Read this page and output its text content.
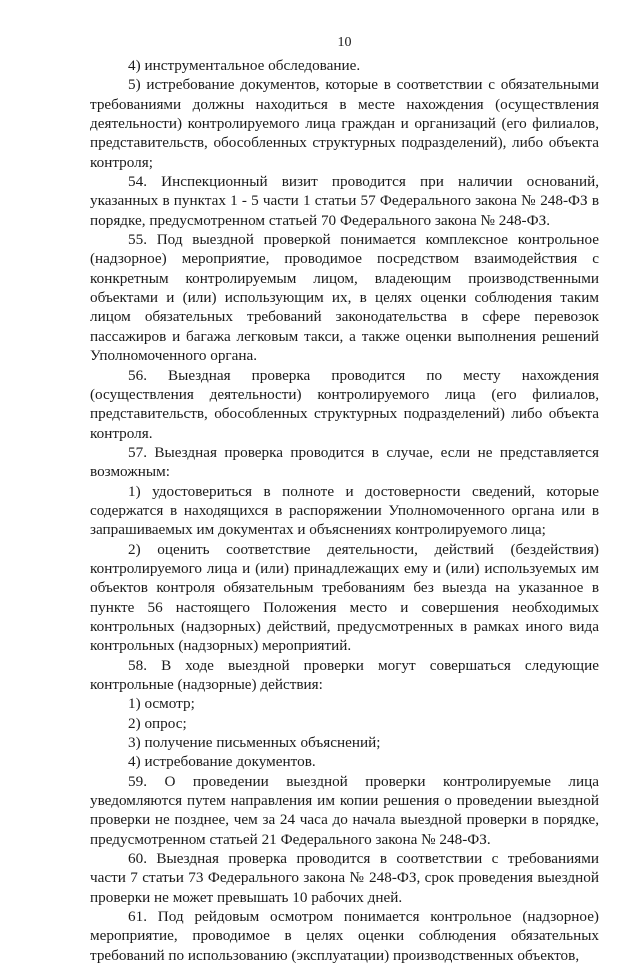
10

4) инструментальное обследование.

5) истребование документов, которые в соответствии с обязательными требованиями должны находиться в месте нахождения (осуществления деятельности) контролируемого лица граждан и организаций (его филиалов, представительств, обособленных структурных подразделений), либо объекта контроля;

54. Инспекционный визит проводится при наличии оснований, указанных в пунктах 1 - 5 части 1 статьи 57 Федерального закона № 248-ФЗ в порядке, предусмотренном статьей 70 Федерального закона № 248-ФЗ.

55. Под выездной проверкой понимается комплексное контрольное (надзорное) мероприятие, проводимое посредством взаимодействия с конкретным контролируемым лицом, владеющим производственными объектами и (или) использующим их, в целях оценки соблюдения таким лицом обязательных требований законодательства в сфере перевозок пассажиров и багажа легковым такси, а также оценки выполнения решений Уполномоченного органа.

56. Выездная проверка проводится по месту нахождения (осуществления деятельности) контролируемого лица (его филиалов, представительств, обособленных структурных подразделений) либо объекта контроля.

57. Выездная проверка проводится в случае, если не представляется возможным:

1) удостовериться в полноте и достоверности сведений, которые содержатся в находящихся в распоряжении Уполномоченного органа или в запрашиваемых им документах и объяснениях контролируемого лица;

2) оценить соответствие деятельности, действий (бездействия) контролируемого лица и (или) принадлежащих ему и (или) используемых им объектов контроля обязательным требованиям без выезда на указанное в пункте 56 настоящего Положения место и совершения необходимых контрольных (надзорных) действий, предусмотренных в рамках иного вида контрольных (надзорных) мероприятий.

58. В ходе выездной проверки могут совершаться следующие контрольные (надзорные) действия:

1) осмотр;

2) опрос;

3) получение письменных объяснений;

4) истребование документов.

59. О проведении выездной проверки контролируемые лица уведомляются путем направления им копии решения о проведении выездной проверки не позднее, чем за 24 часа до начала выездной проверки в порядке, предусмотренном статьей 21 Федерального закона № 248-ФЗ.

60. Выездная проверка проводится в соответствии с требованиями части 7 статьи 73 Федерального закона № 248-ФЗ, срок проведения выездной проверки не может превышать 10 рабочих дней.

61. Под рейдовым осмотром понимается контрольное (надзорное) мероприятие, проводимое в целях оценки соблюдения обязательных требований по использованию (эксплуатации) производственных объектов,
